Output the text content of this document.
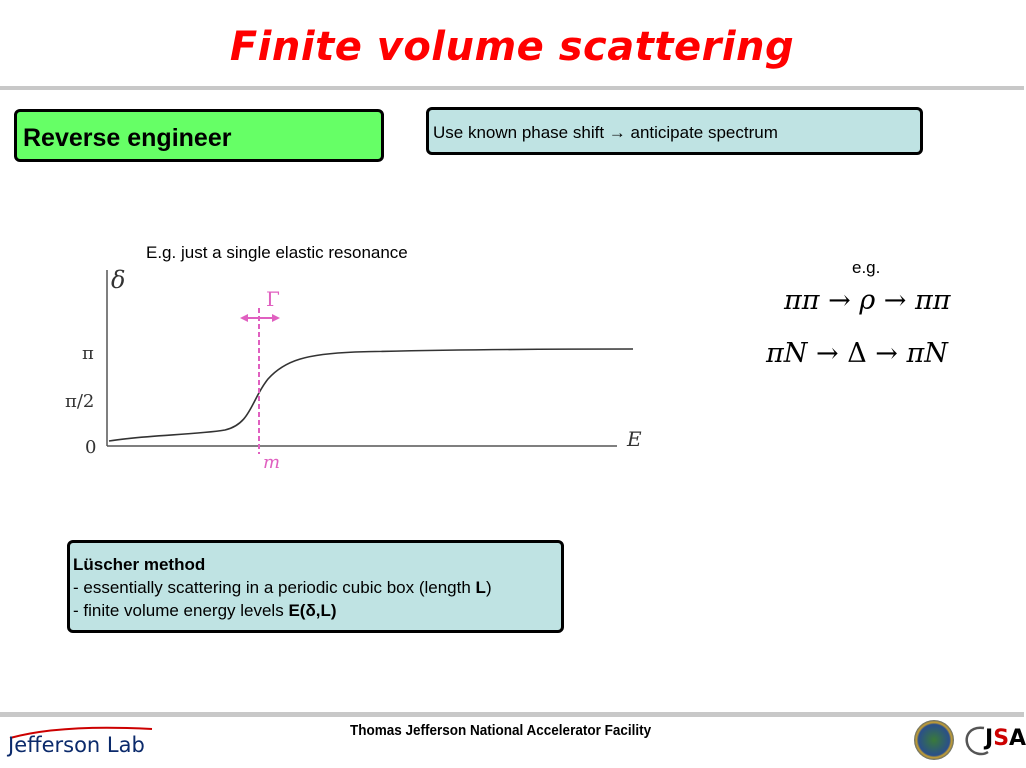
Finite volume scattering
Reverse engineer	Use known phase shift → anticipate spectrum
E.g. just a single elastic resonance
δ
E
π
π/2
0
Γ
m
e.g.
ππ → ρ → ππ
πN → Δ → πN
Lüscher method
- essentially scattering in a periodic cubic box (length L)
- finite volume energy levels E(δ,L)
Jefferson Lab
Thomas Jefferson National Accelerator Facility	JSA
